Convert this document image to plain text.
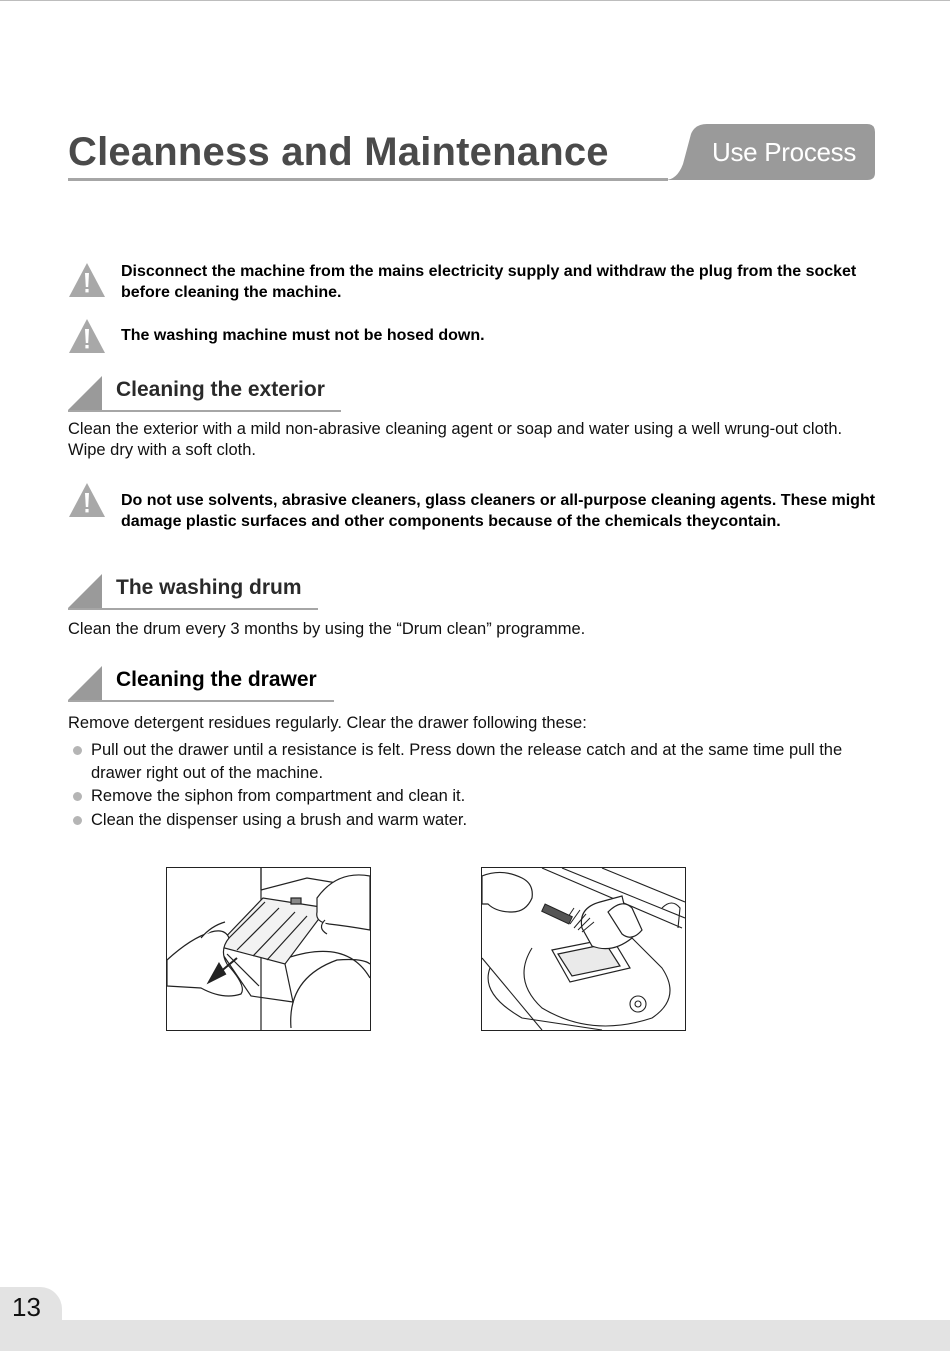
Cleanness and Maintenance	Use Process
Disconnect the machine from the mains electricity supply and withdraw the plug from the socket before cleaning the machine.
The washing machine must not be hosed down.
Cleaning the exterior

Clean the exterior with a mild non-abrasive cleaning agent or soap and water using a well wrung-out cloth. Wipe dry with a soft cloth.

Do not use solvents, abrasive cleaners, glass cleaners or all-purpose cleaning agents. These might damage plastic surfaces and other components because of the chemicals theycontain.
The washing drum

Clean the drum every 3 months by using the “Drum clean” programme.

Cleaning the drawer

Remove detergent residues regularly. Clear the drawer following these:

Pull out the drawer until a resistance is felt. Press down the release catch and at the same time pull the drawer right out of the machine.
Remove the siphon from compartment and clean it.
Clean the dispenser using a brush and warm water.
13
